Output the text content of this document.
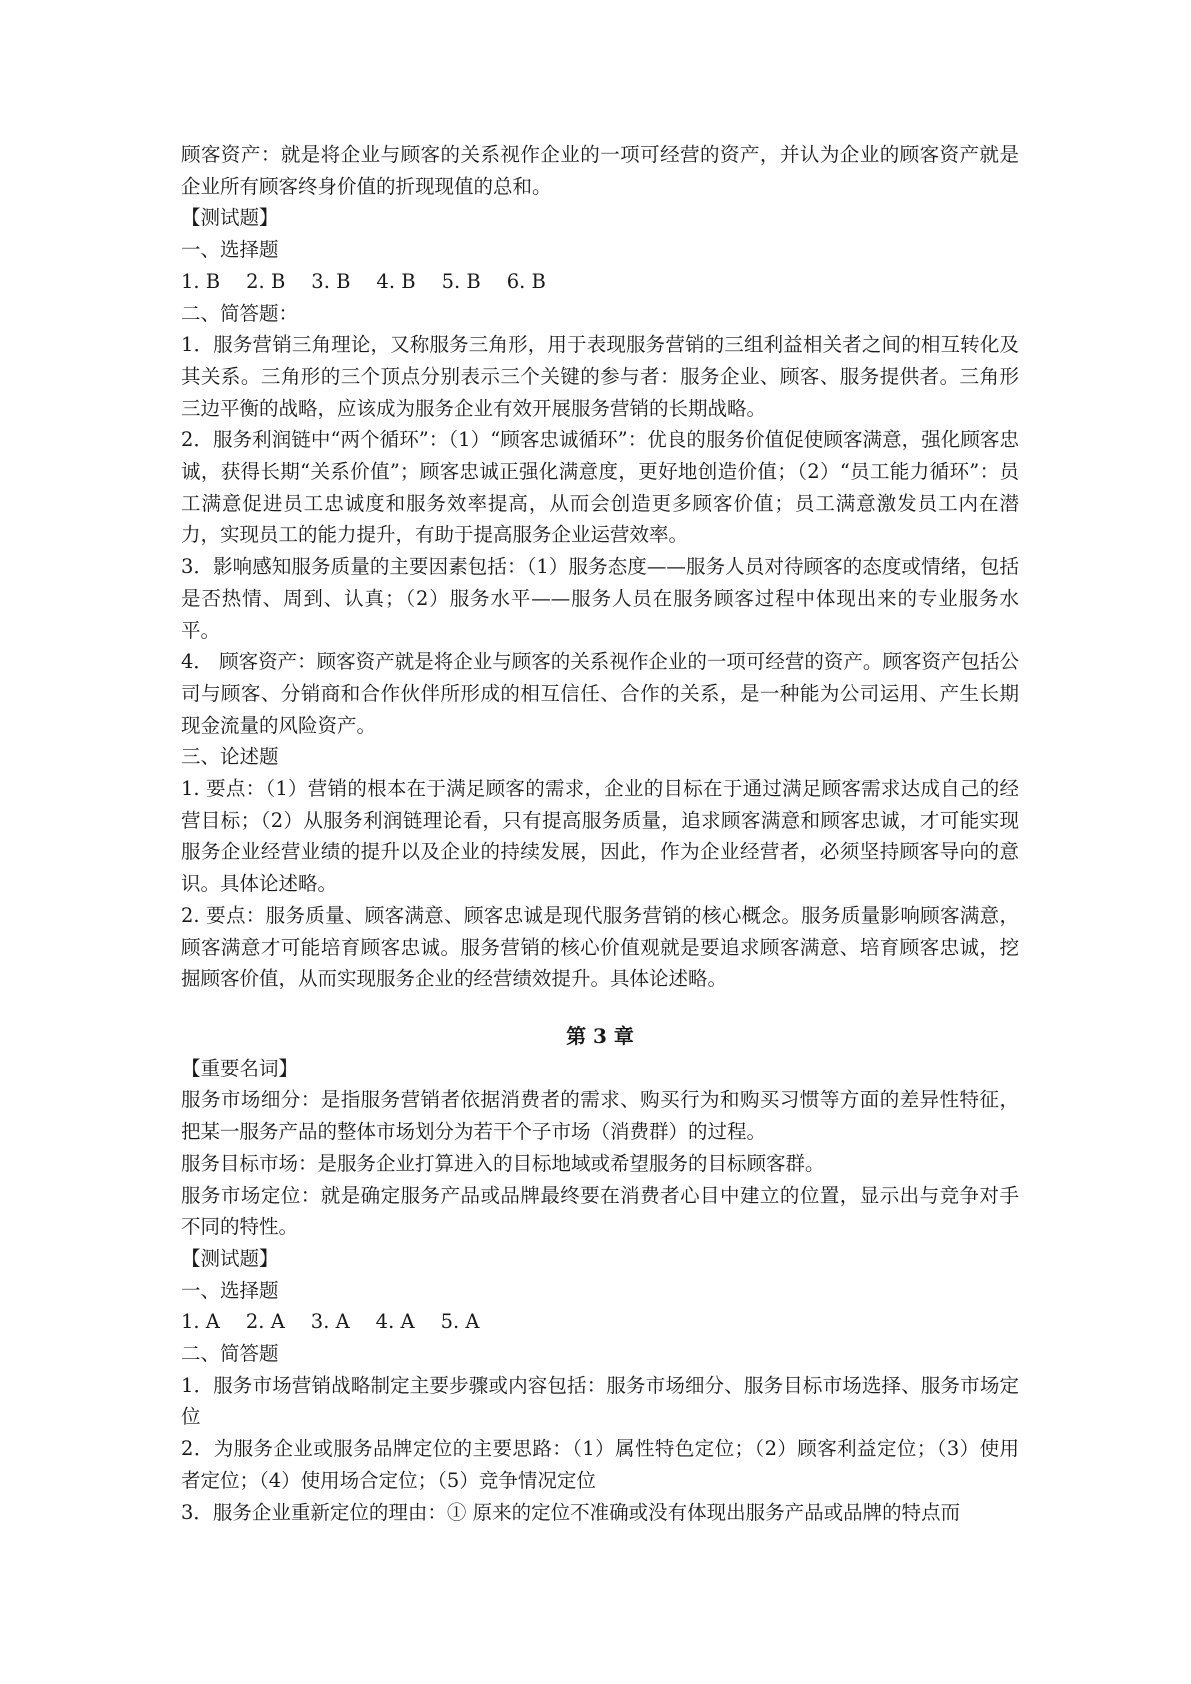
顾客资产：就是将企业与顾客的关系视作企业的一项可经营的资产，并认为企业的顾客资产就是企业所有顾客终身价值的折现现值的总和。

【测试题】

一、选择题

1. B 2. B 3. B 4. B 5. B 6. B

二、简答题：

1．服务营销三角理论，又称服务三角形，用于表现服务营销的三组利益相关者之间的相互转化及其关系。三角形的三个顶点分别表示三个关键的参与者：服务企业、顾客、服务提供者。三角形三边平衡的战略，应该成为服务企业有效开展服务营销的长期战略。

2．服务利润链中“两个循环”：（1）“顾客忠诚循环”：优良的服务价值促使顾客满意，强化顾客忠诚，获得长期“关系价值”；顾客忠诚正强化满意度，更好地创造价值；（2）“员工能力循环”：员工满意促进员工忠诚度和服务效率提高，从而会创造更多顾客价值；员工满意激发员工内在潜力，实现员工的能力提升，有助于提高服务企业运营效率。

3．影响感知服务质量的主要因素包括：（1）服务态度——服务人员对待顾客的态度或情绪，包括是否热情、周到、认真；（2）服务水平——服务人员在服务顾客过程中体现出来的专业服务水平。

4． 顾客资产：顾客资产就是将企业与顾客的关系视作企业的一项可经营的资产。顾客资产包括公司与顾客、分销商和合作伙伴所形成的相互信任、合作的关系，是一种能为公司运用、产生长期现金流量的风险资产。

三、论述题

1. 要点：（1）营销的根本在于满足顾客的需求，企业的目标在于通过满足顾客需求达成自己的经营目标；（2）从服务利润链理论看，只有提高服务质量，追求顾客满意和顾客忠诚，才可能实现服务企业经营业绩的提升以及企业的持续发展，因此，作为企业经营者，必须坚持顾客导向的意识。具体论述略。

2. 要点：服务质量、顾客满意、顾客忠诚是现代服务营销的核心概念。服务质量影响顾客满意，顾客满意才可能培育顾客忠诚。服务营销的核心价值观就是要追求顾客满意、培育顾客忠诚，挖掘顾客价值，从而实现服务企业的经营绩效提升。具体论述略。

第 3 章

【重要名词】

服务市场细分：是指服务营销者依据消费者的需求、购买行为和购买习惯等方面的差异性特征，把某一服务产品的整体市场划分为若干个子市场（消费群）的过程。

服务目标市场：是服务企业打算进入的目标地域或希望服务的目标顾客群。

服务市场定位：就是确定服务产品或品牌最终要在消费者心目中建立的位置，显示出与竞争对手不同的特性。

【测试题】

一、选择题

1. A 2. A 3. A 4. A 5. A

二、简答题

1．服务市场营销战略制定主要步骤或内容包括：服务市场细分、服务目标市场选择、服务市场定位

2．为服务企业或服务品牌定位的主要思路：（1）属性特色定位；（2）顾客利益定位；（3）使用者定位；（4）使用场合定位；（5）竞争情况定位

3．服务企业重新定位的理由：① 原来的定位不准确或没有体现出服务产品或品牌的特点而
